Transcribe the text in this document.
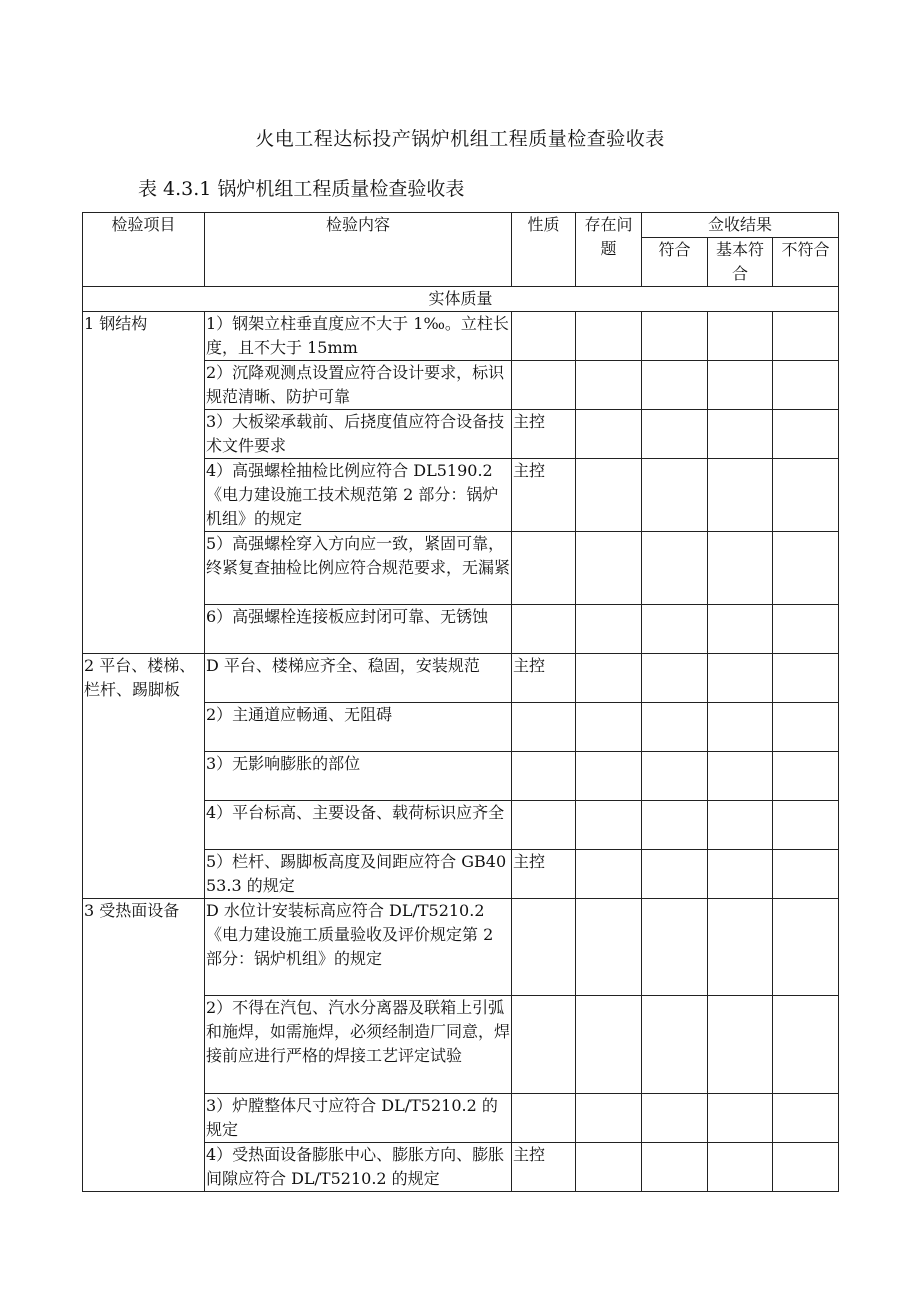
火电工程达标投产锅炉机组工程质量检查验收表
表 4.3.1 锅炉机组工程质量检查验收表
检验项目	检验内容	性质	存在问题	佥收结果		
				符合	基本符合	不符合
实体质量						
1 钢结构	1）钢架立柱垂直度应不大于 1‰。立柱长度，且不大于 15mm					
	2）沉降观测点设置应符合设计要求，标识规范清晰、防护可靠					
	3）大板梁承载前、后挠度值应符合设备技术文件要求	主控				
	4）高强螺栓抽检比例应符合 DL5190.2《电力建设施工技术规范第 2 部分：锅炉机组》的规定	主控				
	5）高强螺栓穿入方向应一致，紧固可靠，终紧复查抽检比例应符合规范要求，无漏紧					
	6）高强螺栓连接板应封闭可靠、无锈蚀					
2 平台、楼梯、栏杆、踢脚板	D 平台、楼梯应齐全、稳固，安装规范	主控				
	2）主通道应畅通、无阻碍					
	3）无影响膨胀的部位					
	4）平台标高、主要设备、载荷标识应齐全					
	5）栏杆、踢脚板高度及间距应符合 GB4053.3 的规定	主控				
3 受热面设备	D 水位计安装标高应符合 DL/T5210.2《电力建设施工质量验收及评价规定第 2 部分：锅炉机组》的规定					
	2）不得在汽包、汽水分离器及联箱上引弧和施焊，如需施焊，必须经制造厂同意，焊接前应进行严格的焊接工艺评定试验					
	3）炉膛整体尺寸应符合 DL/T5210.2 的规定					
	4）受热面设备膨胀中心、膨胀方向、膨胀间隙应符合 DL/T5210.2 的规定	主控				
